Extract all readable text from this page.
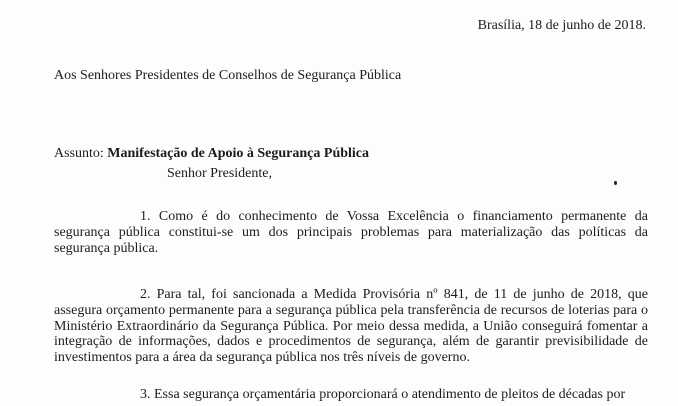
Brasília, 18 de junho de 2018.
Aos Senhores Presidentes de Conselhos de Segurança Pública
Assunto: Manifestação de Apoio à Segurança Pública
Senhor Presidente,
1. Como é do conhecimento de Vossa Excelência o financiamento permanente da segurança pública constitui-se um dos principais problemas para materialização das políticas da segurança pública.
2. Para tal, foi sancionada a Medida Provisória nº 841, de 11 de junho de 2018, que assegura orçamento permanente para a segurança pública pela transferência de recursos de loterias para o Ministério Extraordinário da Segurança Pública. Por meio dessa medida, a União conseguirá fomentar a integração de informações, dados e procedimentos de segurança, além de garantir previsibilidade de investimentos para a área da segurança pública nos três níveis de governo.
3. Essa segurança orçamentária proporcionará o atendimento de pleitos de décadas por
